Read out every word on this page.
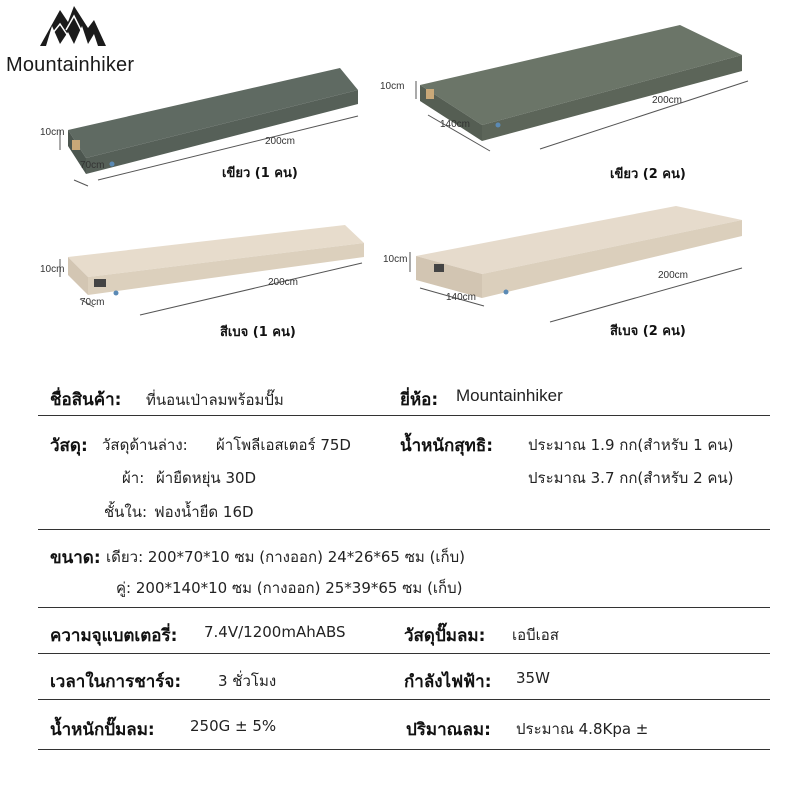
Mountainhiker
10cm
70cm
200cm
เขียว (1 คน)
10cm
140cm
200cm
เขียว (2 คน)
10cm
70cm
200cm
สีเบจ (1 คน)
10cm
140cm
200cm
สีเบจ (2 คน)
ชื่อสินค้า: ที่นอนเป่าลมพร้อมปั๊ม	ยี่ห้อ: Mountainhiker
วัสดุ: วัสดุด้านล่าง: ผ้าโพลีเอสเตอร์ 75D
ผ้า: ผ้ายืดหยุ่น 30D
ชั้นใน: ฟองน้ำยืด 16D
น้ำหนักสุทธิ: ประมาณ 1.9 กก(สำหรับ 1 คน)
ประมาณ 3.7 กก(สำหรับ 2 คน)
ขนาด: เดียว: 200*70*10 ซม (กางออก) 24*26*65 ซม (เก็บ)
คู่: 200*140*10 ซม (กางออก) 25*39*65 ซม (เก็บ)
ความจุแบตเตอรี่: 7.4V/1200mAhABS	วัสดุปั๊มลม: เอบีเอส
เวลาในการชาร์จ: 3 ชั่วโมง	กำลังไฟฟ้า: 35W
น้ำหนักปั๊มลม: 250G ± 5%	ปริมาณลม: ประมาณ 4.8Kpa ±
